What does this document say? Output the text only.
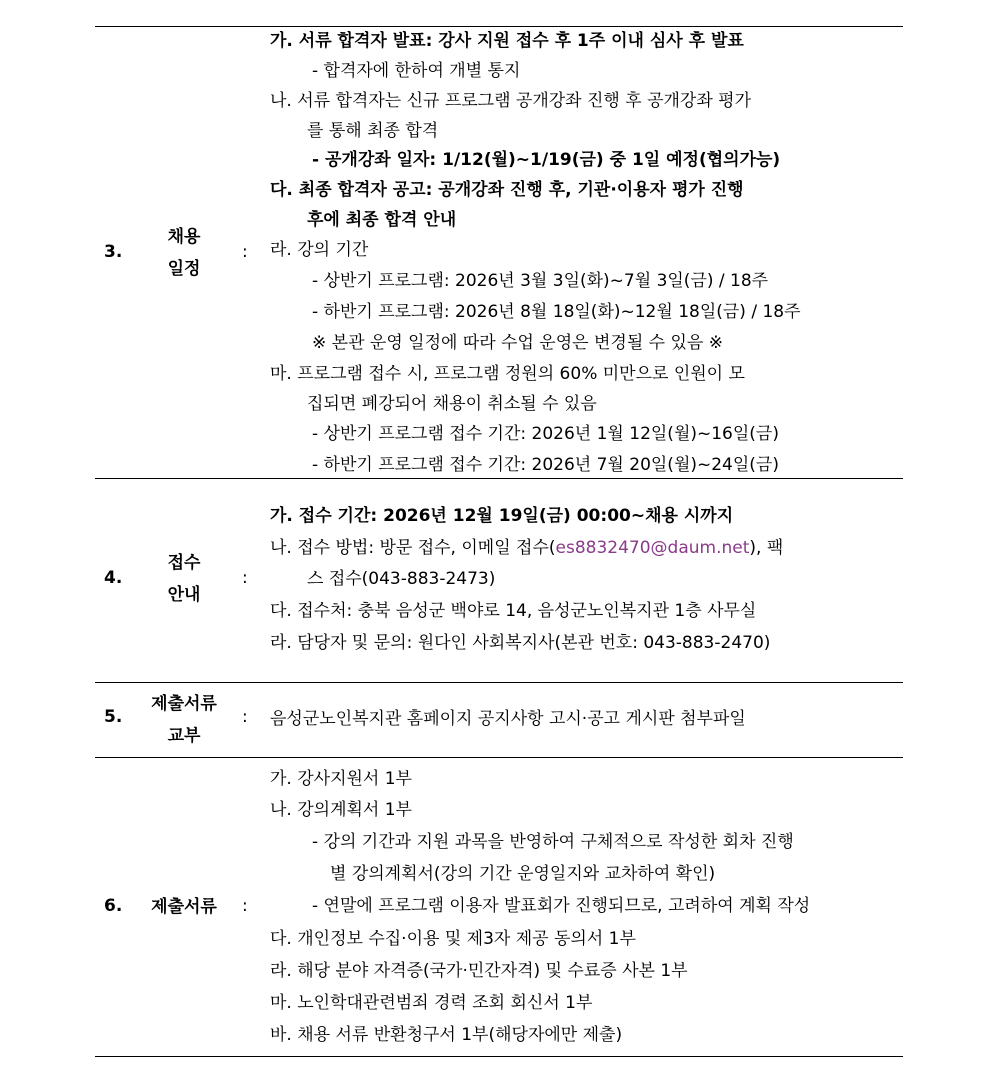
3.
채용
일정
:
가. 서류 합격자 발표: 강사 지원 접수 후 1주 이내 심사 후 발표
- 합격자에 한하여 개별 통지
나. 서류 합격자는 신규 프로그램 공개강좌 진행 후 공개강좌 평가
를 통해 최종 합격
- 공개강좌 일자: 1/12(월)~1/19(금) 중 1일 예정(협의가능)
다. 최종 합격자 공고: 공개강좌 진행 후, 기관·이용자 평가 진행
후에 최종 합격 안내
라. 강의 기간
- 상반기 프로그램: 2026년 3월 3일(화)~7월 3일(금) / 18주
- 하반기 프로그램: 2026년 8월 18일(화)~12월 18일(금) / 18주
※ 본관 운영 일정에 따라 수업 운영은 변경될 수 있음 ※
마. 프로그램 접수 시, 프로그램 정원의 60% 미만으로 인원이 모
집되면 폐강되어 채용이 취소될 수 있음
- 상반기 프로그램 접수 기간: 2026년 1월 12일(월)~16일(금)
- 하반기 프로그램 접수 기간: 2026년 7월 20일(월)~24일(금)
4.
접수
안내
:
가. 접수 기간: 2026년 12월 19일(금) 00:00~채용 시까지
나. 접수 방법: 방문 접수, 이메일 접수(es8832470@daum.net), 팩
스 접수(043-883-2473)
다. 접수처: 충북 음성군 백야로 14, 음성군노인복지관 1층 사무실
라. 담당자 및 문의: 원다인 사회복지사(본관 번호: 043-883-2470)
5.
제출서류
교부
: 음성군노인복지관 홈페이지 공지사항 고시·공고 게시판 첨부파일
6.	제출서류	:
가. 강사지원서 1부
나. 강의계획서 1부
- 강의 기간과 지원 과목을 반영하여 구체적으로 작성한 회차 진행
별 강의계획서(강의 기간 운영일지와 교차하여 확인)
- 연말에 프로그램 이용자 발표회가 진행되므로, 고려하여 계획 작성
다. 개인정보 수집·이용 및 제3자 제공 동의서 1부
라. 해당 분야 자격증(국가·민간자격) 및 수료증 사본 1부
마. 노인학대관련범죄 경력 조회 회신서 1부
바. 채용 서류 반환청구서 1부(해당자에만 제출)
